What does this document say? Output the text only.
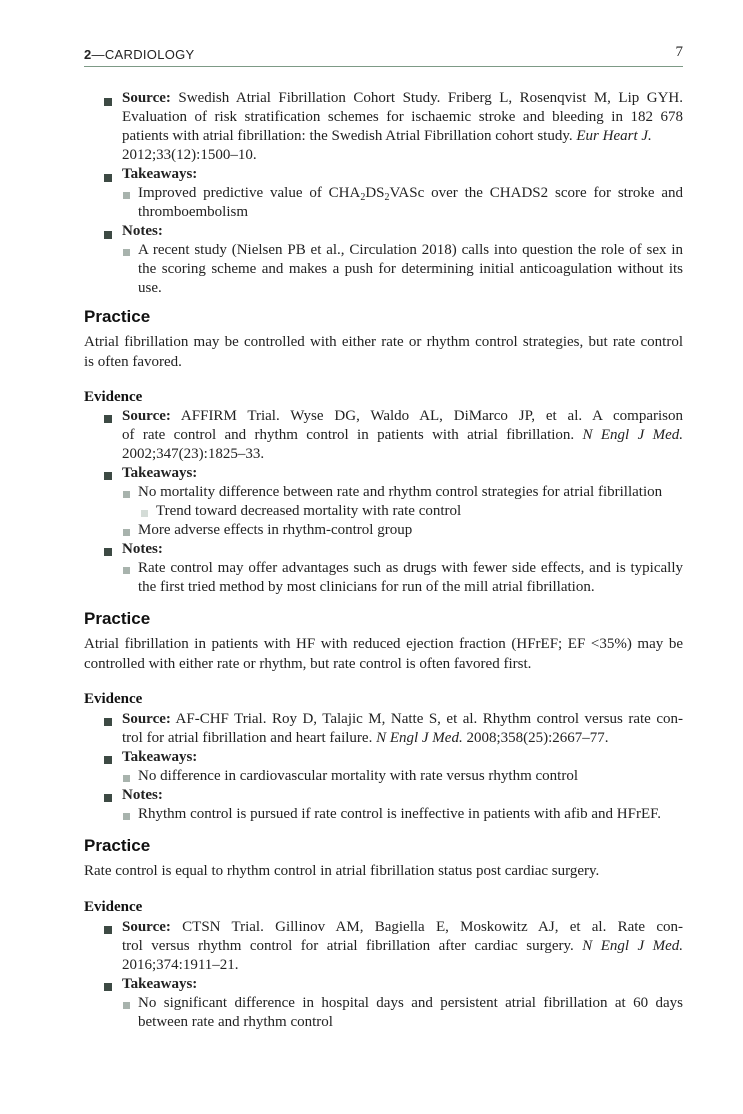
2—CARDIOLOGY	7
Source: Swedish Atrial Fibrillation Cohort Study. Friberg L, Rosenqvist M, Lip GYH.
Evaluation of risk stratification schemes for ischaemic stroke and bleeding in 182 678
patients with atrial fibrillation: the Swedish Atrial Fibrillation cohort study. Eur Heart J.
2012;33(12):1500–10.
Takeaways:
Improved predictive value of $CHA_2DS_2VASc$ over the CHADS2 score for stroke and
thromboembolism
Notes:
A recent study (Nielsen PB et al., Circulation 2018) calls into question the role of sex in
the scoring scheme and makes a push for determining initial anticoagulation without its
use.
Practice
Atrial fibrillation may be controlled with either rate or rhythm control strategies, but rate control
is often favored.
Evidence
Source: AFFIRM Trial. Wyse DG, Waldo AL, DiMarco JP, et al. A comparison
of rate control and rhythm control in patients with atrial fibrillation. N Engl J Med.
2002;347(23):1825–33.
Takeaways:
No mortality difference between rate and rhythm control strategies for atrial fibrillation
Trend toward decreased mortality with rate control
More adverse effects in rhythm-control group
Notes:
Rate control may offer advantages such as drugs with fewer side effects, and is typically
the first tried method by most clinicians for run of the mill atrial fibrillation.
Practice
Atrial fibrillation in patients with HF with reduced ejection fraction (HFrEF; EF <35%) may be
controlled with either rate or rhythm, but rate control is often favored first.
Evidence
Source: AF-CHF Trial. Roy D, Talajic M, Natte S, et al. Rhythm control versus rate con-
trol for atrial fibrillation and heart failure. N Engl J Med. 2008;358(25):2667–77.
Takeaways:
No difference in cardiovascular mortality with rate versus rhythm control
Notes:
Rhythm control is pursued if rate control is ineffective in patients with afib and HFrEF.
Practice
Rate control is equal to rhythm control in atrial fibrillation status post cardiac surgery.
Evidence
Source: CTSN Trial. Gillinov AM, Bagiella E, Moskowitz AJ, et al. Rate con-
trol versus rhythm control for atrial fibrillation after cardiac surgery. N Engl J Med.
2016;374:1911–21.
Takeaways:
No significant difference in hospital days and persistent atrial fibrillation at 60 days
between rate and rhythm control
